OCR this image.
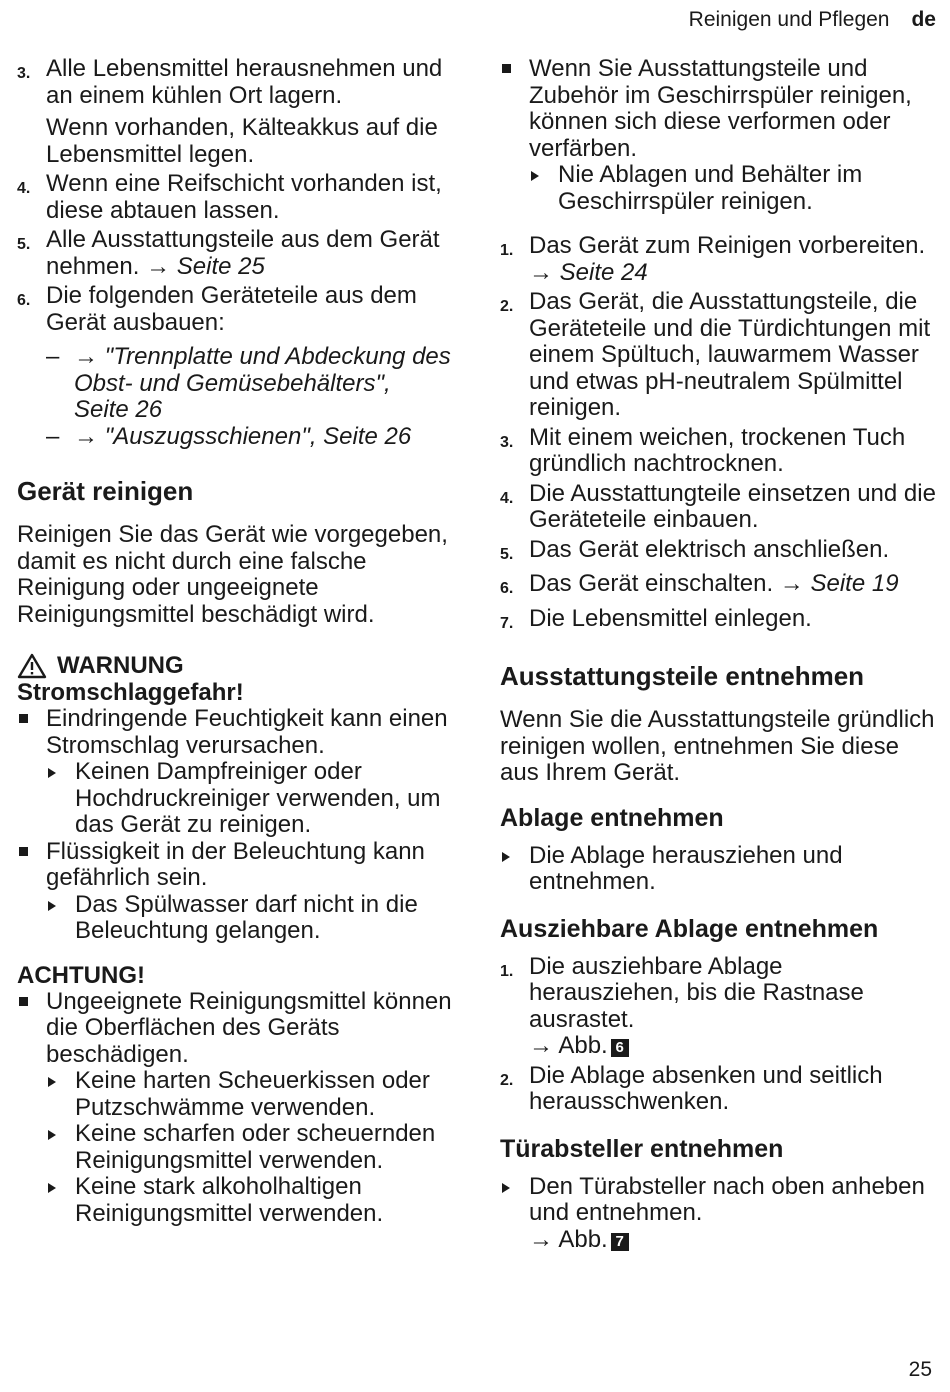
Reinigen und Pflegen de
3. Alle Lebensmittel herausnehmen und an einem kühlen Ort lagern.
Wenn vorhanden, Kälteakkus auf die Lebensmittel legen.
4. Wenn eine Reifschicht vorhanden ist, diese abtauen lassen.
5. Alle Ausstattungsteile aus dem Gerät nehmen. → Seite 25
6. Die folgenden Geräteteile aus dem Gerät ausbauen:
– → "Trennplatte und Abdeckung des Obst- und Gemüsebehälters", Seite 26
– → "Auszugsschienen", Seite 26
Gerät reinigen

Reinigen Sie das Gerät wie vorgegeben, damit es nicht durch eine falsche Reinigung oder ungeeignete Reinigungsmittel beschädigt wird.

WARNUNG
Stromschlaggefahr!
Eindringende Feuchtigkeit kann einen Stromschlag verursachen.
Keinen Dampfreiniger oder Hochdruckreiniger verwenden, um das Gerät zu reinigen.
Flüssigkeit in der Beleuchtung kann gefährlich sein.
Das Spülwasser darf nicht in die Beleuchtung gelangen.
ACHTUNG!
Ungeeignete Reinigungsmittel können die Oberflächen des Geräts beschädigen.
Keine harten Scheuerkissen oder Putzschwämme verwenden.
Keine scharfen oder scheuernden Reinigungsmittel verwenden.
Keine stark alkoholhaltigen Reinigungsmittel verwenden.
Wenn Sie Ausstattungsteile und Zubehör im Geschirrspüler reinigen, können sich diese verformen oder verfärben.
Nie Ablagen und Behälter im Geschirrspüler reinigen.
1. Das Gerät zum Reinigen vorbereiten. → Seite 24
2. Das Gerät, die Ausstattungsteile, die Geräteteile und die Türdichtungen mit einem Spültuch, lauwarmem Wasser und etwas pH-neutralem Spülmittel reinigen.
3. Mit einem weichen, trockenen Tuch gründlich nachtrocknen.
4. Die Ausstattungteile einsetzen und die Geräteteile einbauen.
5. Das Gerät elektrisch anschließen.
6. Das Gerät einschalten. → Seite 19
7. Die Lebensmittel einlegen.
Ausstattungsteile entnehmen

Wenn Sie die Ausstattungsteile gründlich reinigen wollen, entnehmen Sie diese aus Ihrem Gerät.

Ablage entnehmen
Die Ablage herausziehen und entnehmen.
Ausziehbare Ablage entnehmen
1. Die ausziehbare Ablage herausziehen, bis die Rastnase ausrastet.
→ Abb. 6
2. Die Ablage absenken und seitlich herausschwenken.
Türabsteller entnehmen
Den Türabsteller nach oben anheben und entnehmen.
→ Abb. 7
25
